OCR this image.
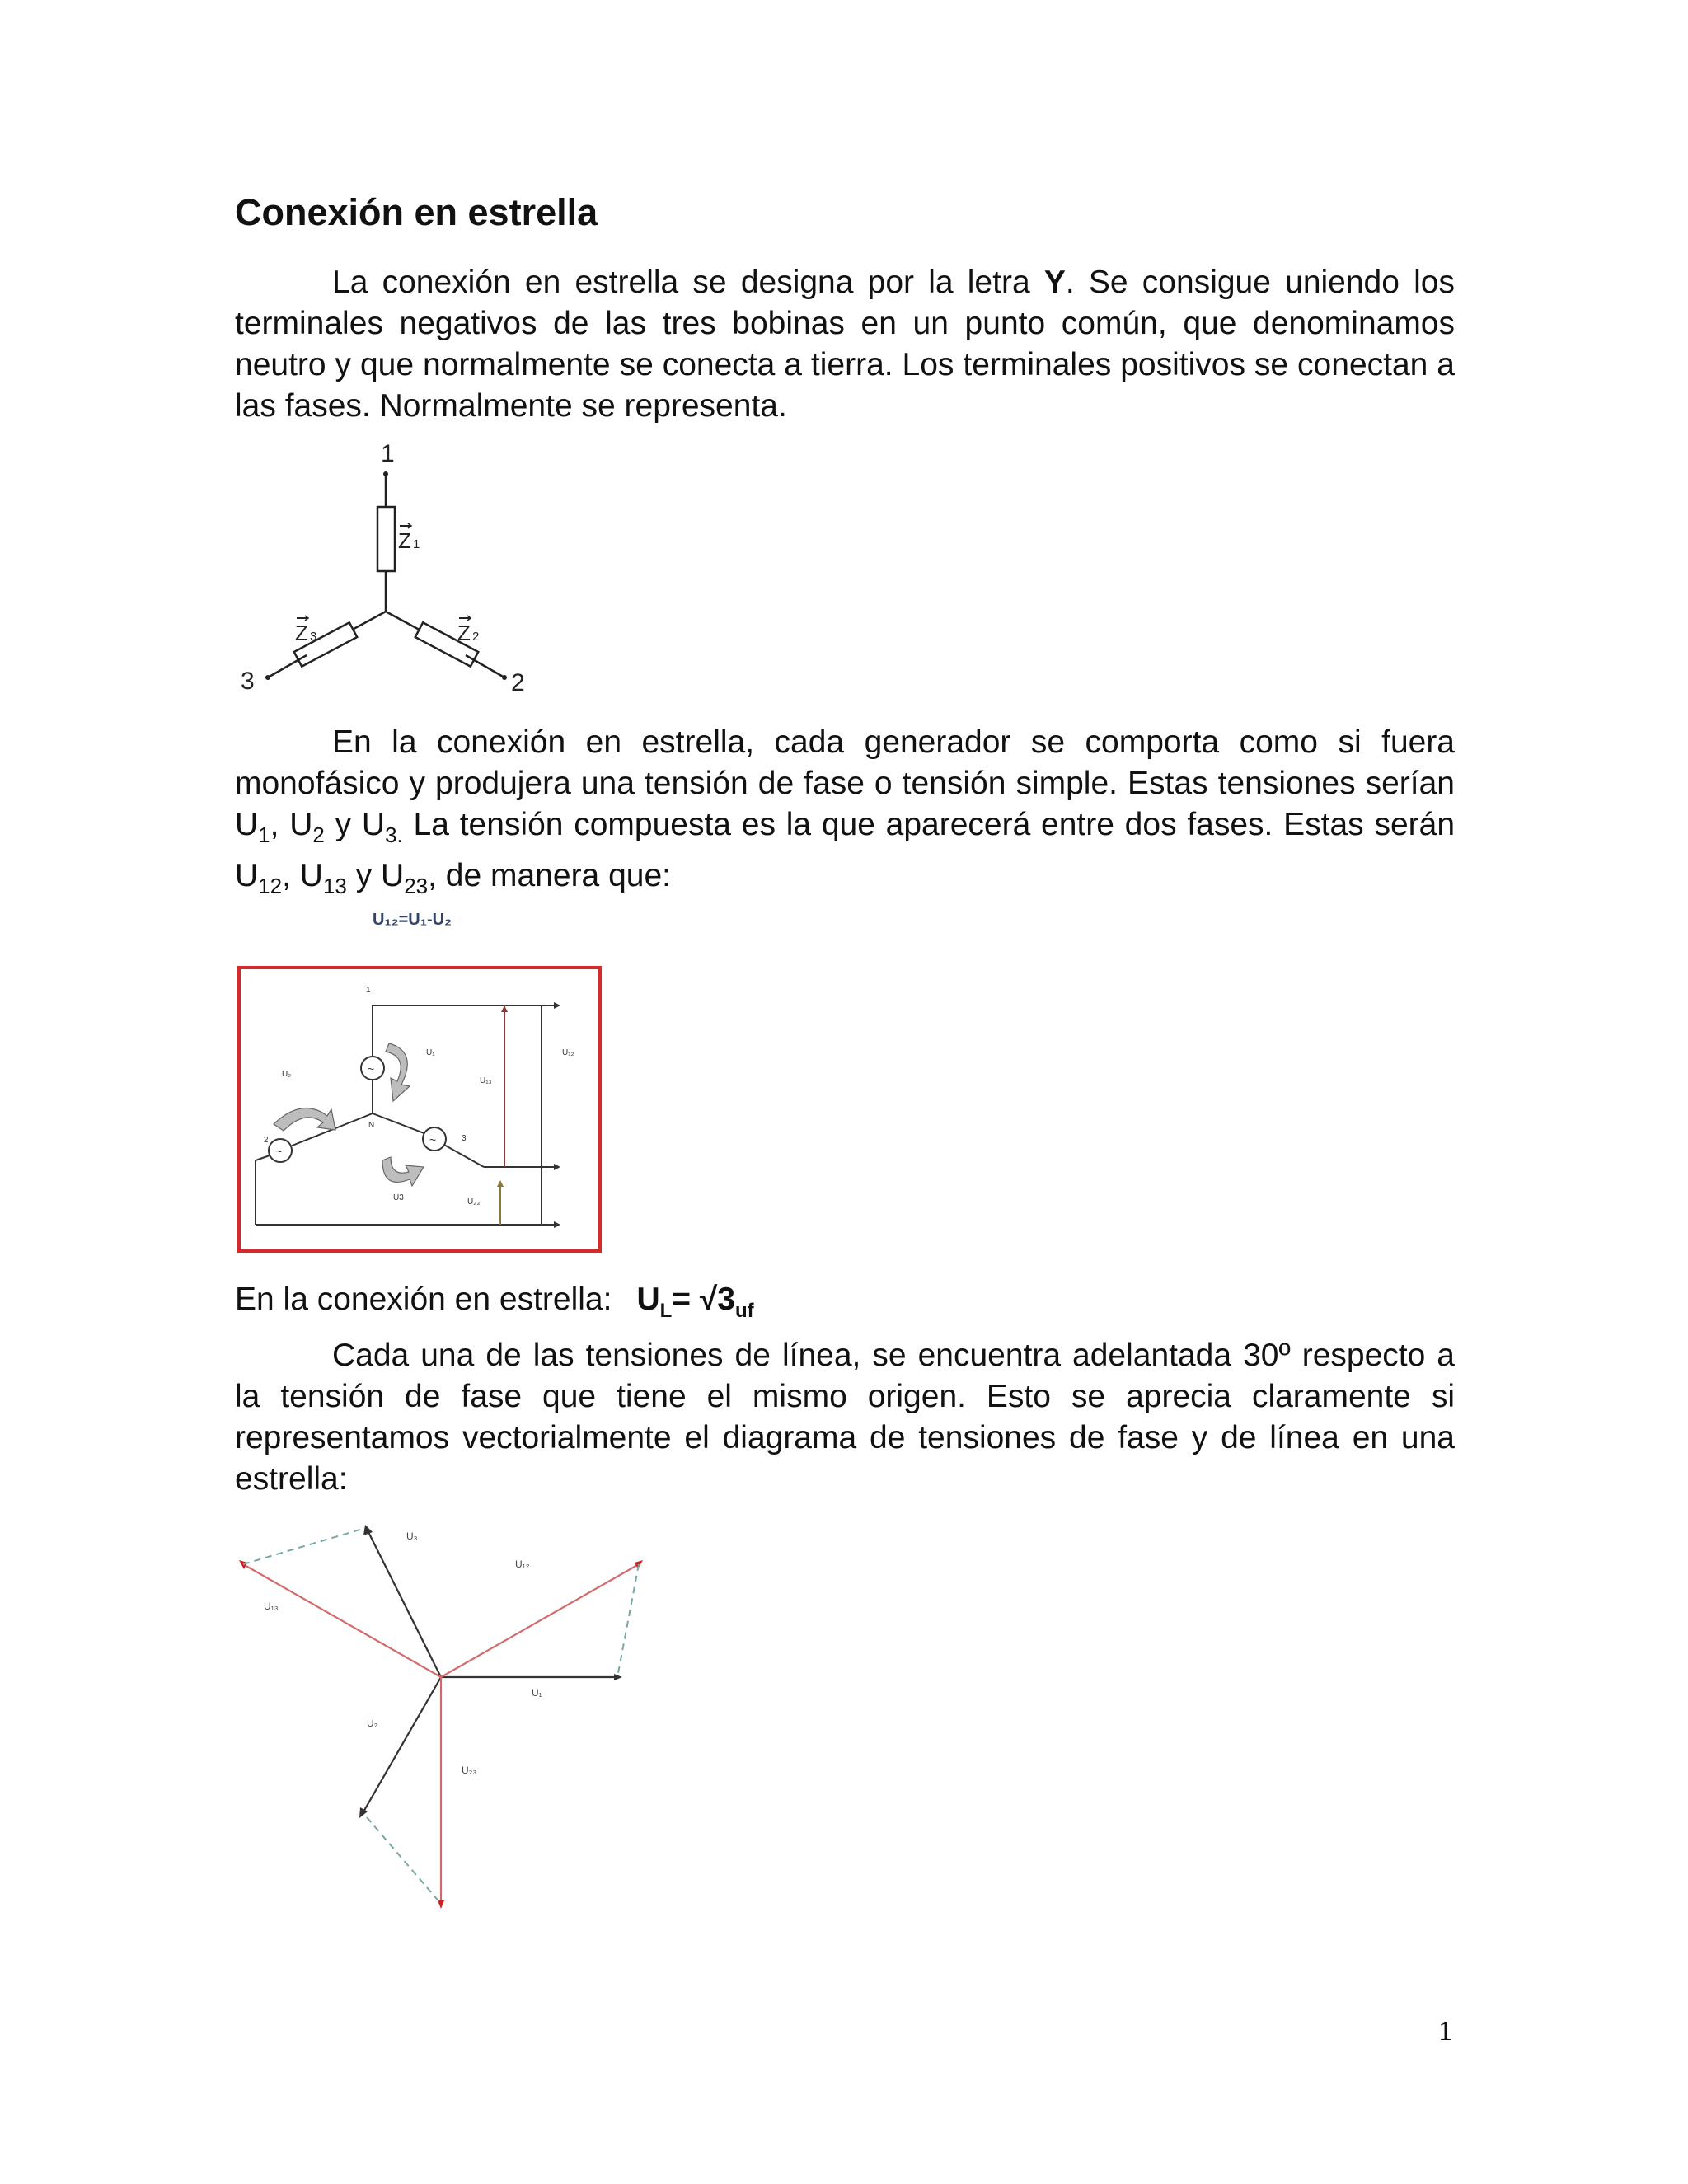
Conexión en estrella

La conexión en estrella se designa por la letra Y. Se consigue uniendo los terminales negativos de las tres bobinas en un punto común, que denominamos neutro y que normalmente se conecta a tierra. Los terminales positivos se conectan a las fases. Normalmente se representa.

1
3	2
Z 1
Z 3	Z 2

En la conexión en estrella, cada generador se comporta como si fuera monofásico y produjera una tensión de fase o tensión simple. Estas tensiones serían $U_1$, $U_2$ y $U_{3.}$ La tensión compuesta es la que aparecerá entre dos fases. Estas serán $U_{12}$, $U_{13}$ y $U_{23}$, de manera que:

U₁₂=U₁-U₂
~
~
~
1
2	3
N
U₁
U₂
U3
U₁₂
U₁₃
U₂₃

En la conexión en estrella: $U_L= √3_{uf}$

Cada una de las tensiones de línea, se encuentra adelantada 30º respecto a la tensión de fase que tiene el mismo origen. Esto se aprecia claramente si representamos vectorialmente el diagrama de tensiones de fase y de línea en una estrella:

U₃
U₁₂
U₁₃
U₁
U₂
U₂₃
1
